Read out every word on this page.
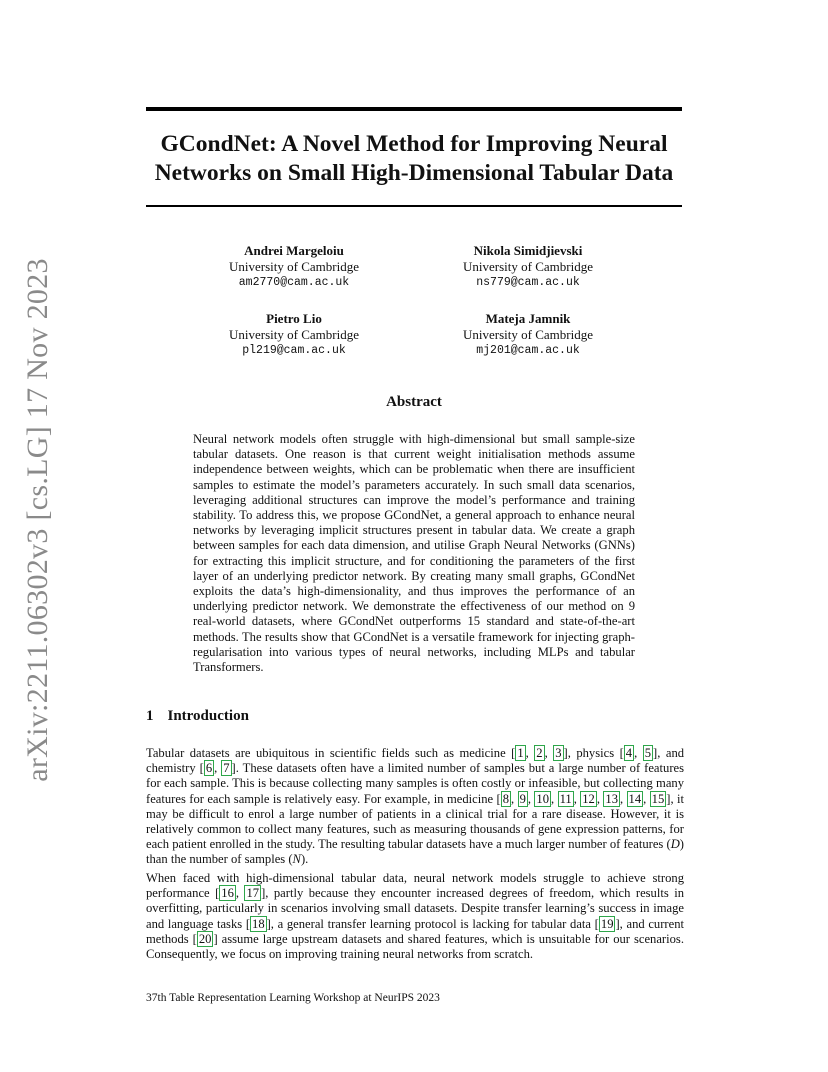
arXiv:2211.06302v3 [cs.LG] 17 Nov 2023
GCondNet: A Novel Method for Improving Neural
Networks on Small High-Dimensional Tabular Data
Andrei Margeloiu
University of Cambridge
am2770@cam.ac.uk
Nikola Simidjievski
University of Cambridge
ns779@cam.ac.uk
Pietro Lio
University of Cambridge
pl219@cam.ac.uk
Mateja Jamnik
University of Cambridge
mj201@cam.ac.uk
Abstract

Neural network models often struggle with high-dimensional but small sample-size tabular datasets. One reason is that current weight initialisation methods assume independence between weights, which can be problematic when there are insufficient samples to estimate the model’s parameters accurately. In such small data scenarios, leveraging additional structures can improve the model’s performance and training stability. To address this, we propose GCondNet, a general approach to enhance neural networks by leveraging implicit structures present in tabular data. We create a graph between samples for each data dimension, and utilise Graph Neural Networks (GNNs) for extracting this implicit structure, and for conditioning the parameters of the first layer of an underlying predictor network. By creating many small graphs, GCondNet exploits the data’s high-dimensionality, and thus improves the performance of an underlying predictor network. We demonstrate the effectiveness of our method on 9 real-world datasets, where GCondNet outperforms 15 standard and state-of-the-art methods. The results show that GCondNet is a versatile framework for injecting graph-regularisation into various types of neural networks, including MLPs and tabular Transformers.

1 Introduction

Tabular datasets are ubiquitous in scientific fields such as medicine [ 1 , 2 , 3 ], physics [ 4 , 5 ], and chemistry [ 6 , 7 ]. These datasets often have a limited number of samples but a large number of features for each sample. This is because collecting many samples is often costly or infeasible, but collecting many features for each sample is relatively easy. For example, in medicine [ 8 , 9 , 10 , 11 , 12 , 13 , 14 , 15 ], it may be difficult to enrol a large number of patients in a clinical trial for a rare disease. However, it is relatively common to collect many features, such as measuring thousands of gene expression patterns, for each patient enrolled in the study. The resulting tabular datasets have a much larger number of features (D) than the number of samples (N).

When faced with high-dimensional tabular data, neural network models struggle to achieve strong performance [ 16 , 17 ], partly because they encounter increased degrees of freedom, which results in overfitting, particularly in scenarios involving small datasets. Despite transfer learning’s success in image and language tasks [ 18 ], a general transfer learning protocol is lacking for tabular data [ 19 ], and current methods [ 20 ] assume large upstream datasets and shared features, which is unsuitable for our scenarios. Consequently, we focus on improving training neural networks from scratch.

37th Table Representation Learning Workshop at NeurIPS 2023
